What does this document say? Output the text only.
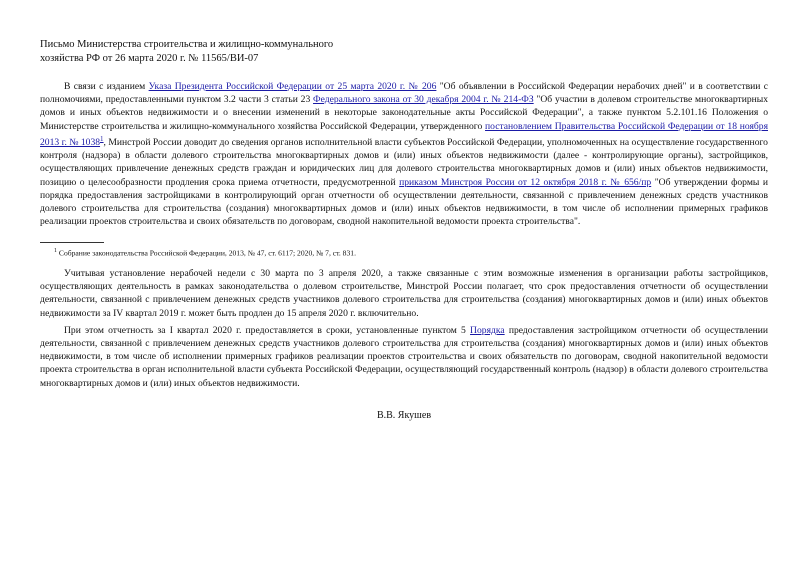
Письмо Министерства строительства и жилищно-коммунального
хозяйства РФ от 26 марта 2020 г. № 11565/ВИ-07

В связи с изданием Указа Президента Российской Федерации от 25 марта 2020 г. № 206 "Об объявлении в Российской Федерации нерабочих дней" и в соответствии с полномочиями, предоставленными пунктом 3.2 части 3 статьи 23 Федерального закона от 30 декабря 2004 г. № 214-ФЗ "Об участии в долевом строительстве многоквартирных домов и иных объектов недвижимости и о внесении изменений в некоторые законодательные акты Российской Федерации", а также пунктом 5.2.101.16 Положения о Министерстве строительства и жилищно-коммунального хозяйства Российской Федерации, утвержденного постановлением Правительства Российской Федерации от 18 ноября 2013 г. № 1038$^1$, Минстрой России доводит до сведения органов исполнительной власти субъектов Российской Федерации, уполномоченных на осуществление государственного контроля (надзора) в области долевого строительства многоквартирных домов и (или) иных объектов недвижимости (далее - контролирующие органы), застройщиков, осуществляющих привлечение денежных средств граждан и юридических лиц для долевого строительства многоквартирных домов и (или) иных объектов недвижимости, позицию о целесообразности продления срока приема отчетности, предусмотренной приказом Минстроя России от 12 октября 2018 г. № 656/пр "Об утверждении формы и порядка предоставления застройщиками в контролирующий орган отчетности об осуществлении деятельности, связанной с привлечением денежных средств участников долевого строительства для строительства (создания) многоквартирных домов и (или) иных объектов недвижимости, в том числе об исполнении примерных графиков реализации проектов строительства и своих обязательств по договорам, сводной накопительной ведомости проекта строительства".

$^1$ Собрание законодательства Российской Федерации, 2013, № 47, ст. 6117; 2020, № 7, ст. 831.

Учитывая установление нерабочей недели с 30 марта по 3 апреля 2020, а также связанные с этим возможные изменения в организации работы застройщиков, осуществляющих деятельность в рамках законодательства о долевом строительстве, Минстрой России полагает, что срок предоставления отчетности об осуществлении деятельности, связанной с привлечением денежных средств участников долевого строительства для строительства (создания) многоквартирных домов и (или) иных объектов недвижимости за IV квартал 2019 г. может быть продлен до 15 апреля 2020 г. включительно.

При этом отчетность за I квартал 2020 г. предоставляется в сроки, установленные пунктом 5 Порядка предоставления застройщиком отчетности об осуществлении деятельности, связанной с привлечением денежных средств участников долевого строительства для строительства (создания) многоквартирных домов и (или) иных объектов недвижимости, в том числе об исполнении примерных графиков реализации проектов строительства и своих обязательств по договорам, сводной накопительной ведомости проекта строительства в орган исполнительной власти субъекта Российской Федерации, осуществляющий государственный контроль (надзор) в области долевого строительства многоквартирных домов и (или) иных объектов недвижимости.

В.В. Якушев
